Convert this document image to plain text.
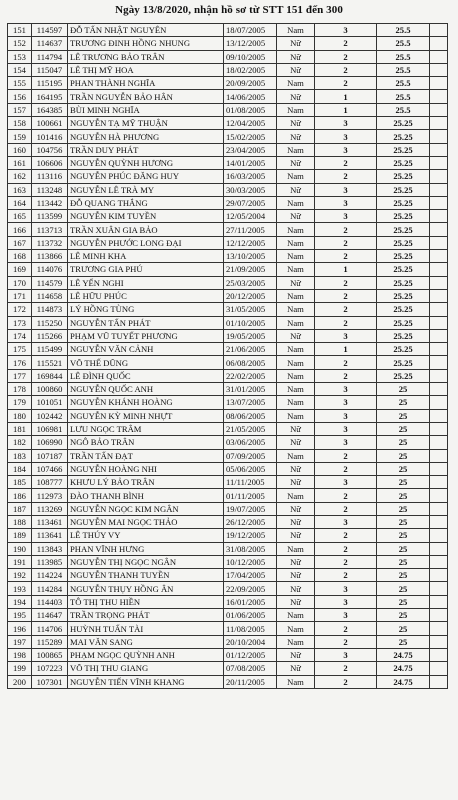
Ngày 13/8/2020, nhận hồ sơ từ STT 151 đến 300
151	114597	ĐỖ TẤN NHẬT NGUYÊN	18/07/2005	Nam	3	25.5	
152	114637	TRƯƠNG ĐINH HỒNG NHUNG	13/12/2005	Nữ	2	25.5	
153	114794	LÊ TRƯƠNG BẢO TRÂN	09/10/2005	Nữ	2	25.5	
154	115047	LÊ THỊ MỸ HOA	18/02/2005	Nữ	2	25.5	
155	115195	PHAN THÀNH NGHĨA	20/09/2005	Nam	2	25.5	
156	164195	TRẦN NGUYỄN BẢO HÂN	14/06/2005	Nữ	1	25.5	
157	164385	BÙI MINH NGHĨA	01/08/2005	Nam	1	25.5	
158	100661	NGUYỄN TẠ MỸ THUẬN	12/04/2005	Nữ	3	25.25	
159	101416	NGUYỄN HÀ PHƯƠNG	15/02/2005	Nữ	3	25.25	
160	104756	TRẦN DUY PHÁT	23/04/2005	Nam	3	25.25	
161	106606	NGUYỄN QUỲNH HƯƠNG	14/01/2005	Nữ	2	25.25	
162	113116	NGUYỄN PHÚC ĐĂNG HUY	16/03/2005	Nam	2	25.25	
163	113248	NGUYỄN LÊ TRÀ MY	30/03/2005	Nữ	3	25.25	
164	113442	ĐỖ QUANG THẮNG	29/07/2005	Nam	3	25.25	
165	113599	NGUYỄN KIM TUYỀN	12/05/2004	Nữ	3	25.25	
166	113713	TRẦN XUÂN GIA BẢO	27/11/2005	Nam	2	25.25	
167	113732	NGUYỄN PHƯỚC LONG ĐẠI	12/12/2005	Nam	2	25.25	
168	113866	LÊ MINH KHA	13/10/2005	Nam	2	25.25	
169	114076	TRƯƠNG GIA PHÚ	21/09/2005	Nam	1	25.25	
170	114579	LÊ YẾN NGHI	25/03/2005	Nữ	2	25.25	
171	114658	LÊ HỮU PHÚC	20/12/2005	Nam	2	25.25	
172	114873	LÝ HỒNG TÙNG	31/05/2005	Nam	2	25.25	
173	115250	NGUYỄN TẤN PHÁT	01/10/2005	Nam	2	25.25	
174	115266	PHẠM VŨ TUYẾT PHƯƠNG	19/05/2005	Nữ	3	25.25	
175	115499	NGUYỄN VĂN CẢNH	21/06/2005	Nam	1	25.25	
176	115521	VÕ THẾ DŨNG	06/08/2005	Nam	2	25.25	
177	169844	LÊ ĐÌNH QUỐC	22/02/2005	Nam	2	25.25	
178	100860	NGUYỄN QUỐC ANH	31/01/2005	Nam	3	25	
179	101051	NGUYỄN KHÁNH HOÀNG	13/07/2005	Nam	3	25	
180	102442	NGUYỄN KỲ MINH NHỰT	08/06/2005	Nam	3	25	
181	106981	LƯU NGỌC TRÂM	21/05/2005	Nữ	3	25	
182	106990	NGÔ BẢO TRÂN	03/06/2005	Nữ	3	25	
183	107187	TRẦN TẤN ĐẠT	07/09/2005	Nam	2	25	
184	107466	NGUYỄN HOÀNG NHI	05/06/2005	Nữ	2	25	
185	108777	KHƯU LÝ BẢO TRÂN	11/11/2005	Nữ	3	25	
186	112973	ĐÀO THANH BÌNH	01/11/2005	Nam	2	25	
187	113269	NGUYỄN NGỌC KIM NGÂN	19/07/2005	Nữ	2	25	
188	113461	NGUYỄN MAI NGỌC THẢO	26/12/2005	Nữ	3	25	
189	113641	LÊ THÚY VY	19/12/2005	Nữ	2	25	
190	113843	PHAN VĨNH HƯNG	31/08/2005	Nam	2	25	
191	113985	NGUYỄN THỊ NGỌC NGÂN	10/12/2005	Nữ	2	25	
192	114224	NGUYỄN THANH TUYỀN	17/04/2005	Nữ	2	25	
193	114284	NGUYỄN THỤY HỒNG ÂN	22/09/2005	Nữ	3	25	
194	114403	TÔ THỊ THU HIỀN	16/01/2005	Nữ	3	25	
195	114647	TRẦN TRỌNG PHÁT	01/06/2005	Nam	3	25	
196	114706	HUỲNH TUẤN TÀI	11/08/2005	Nam	2	25	
197	115289	MAI VĂN SANG	20/10/2004	Nam	2	25	
198	100865	PHẠM NGỌC QUỲNH ANH	01/12/2005	Nữ	3	24.75	
199	107223	VÕ THỊ THU GIANG	07/08/2005	Nữ	2	24.75	
200	107301	NGUYỄN TIẾN VĨNH KHANG	20/11/2005	Nam	2	24.75	
